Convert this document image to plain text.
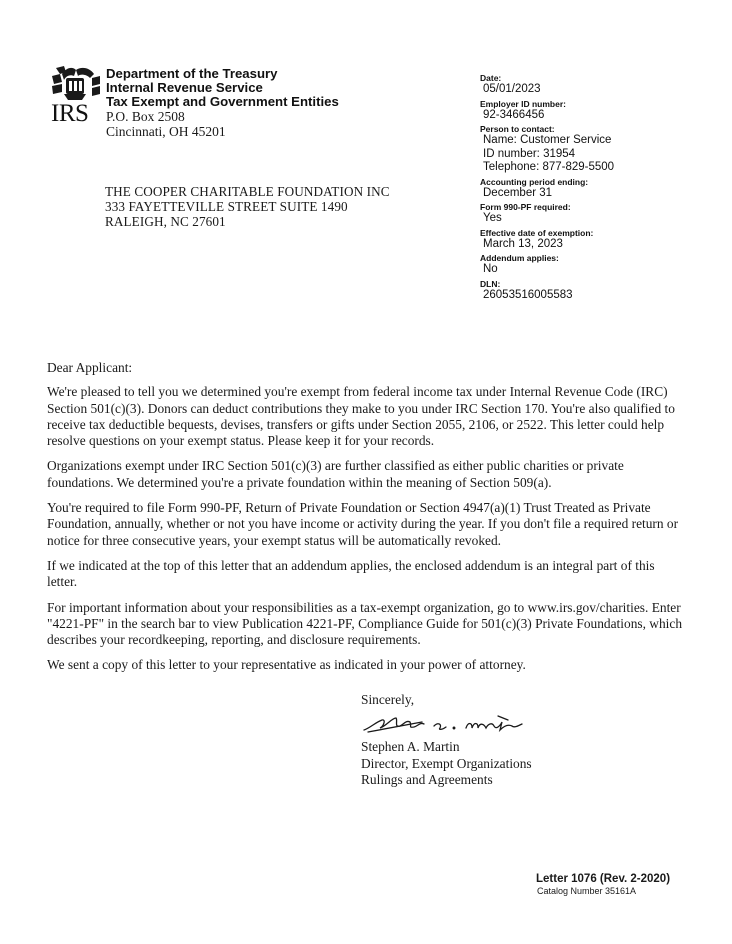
IRS
Department of the Treasury
Internal Revenue Service
Tax Exempt and Government Entities
P.O. Box 2508
Cincinnati, OH 45201
THE COOPER CHARITABLE FOUNDATION INC
333 FAYETTEVILLE STREET SUITE 1490
RALEIGH, NC 27601
Date:
05/01/2023
Employer ID number:
92-3466456
Person to contact:
Name: Customer Service
ID number: 31954
Telephone: 877-829-5500
Accounting period ending:
December 31
Form 990-PF required:
Yes
Effective date of exemption:
March 13, 2023
Addendum applies:
No
DLN:
26053516005583

Dear Applicant:

We're pleased to tell you we determined you're exempt from federal income tax under Internal Revenue Code (IRC) Section 501(c)(3). Donors can deduct contributions they make to you under IRC Section 170. You're also qualified to receive tax deductible bequests, devises, transfers or gifts under Section 2055, 2106, or 2522. This letter could help resolve questions on your exempt status. Please keep it for your records.

Organizations exempt under IRC Section 501(c)(3) are further classified as either public charities or private foundations. We determined you're a private foundation within the meaning of Section 509(a).

You're required to file Form 990-PF, Return of Private Foundation or Section 4947(a)(1) Trust Treated as Private Foundation, annually, whether or not you have income or activity during the year. If you don't file a required return or notice for three consecutive years, your exempt status will be automatically revoked.

If we indicated at the top of this letter that an addendum applies, the enclosed addendum is an integral part of this letter.

For important information about your responsibilities as a tax-exempt organization, go to www.irs.gov/charities. Enter "4221-PF" in the search bar to view Publication 4221-PF, Compliance Guide for 501(c)(3) Private Foundations, which describes your recordkeeping, reporting, and disclosure requirements.

We sent a copy of this letter to your representative as indicated in your power of attorney.

Sincerely,
Stephen A. Martin
Director, Exempt Organizations
Rulings and Agreements
Letter 1076 (Rev. 2-2020)
Catalog Number 35161A
